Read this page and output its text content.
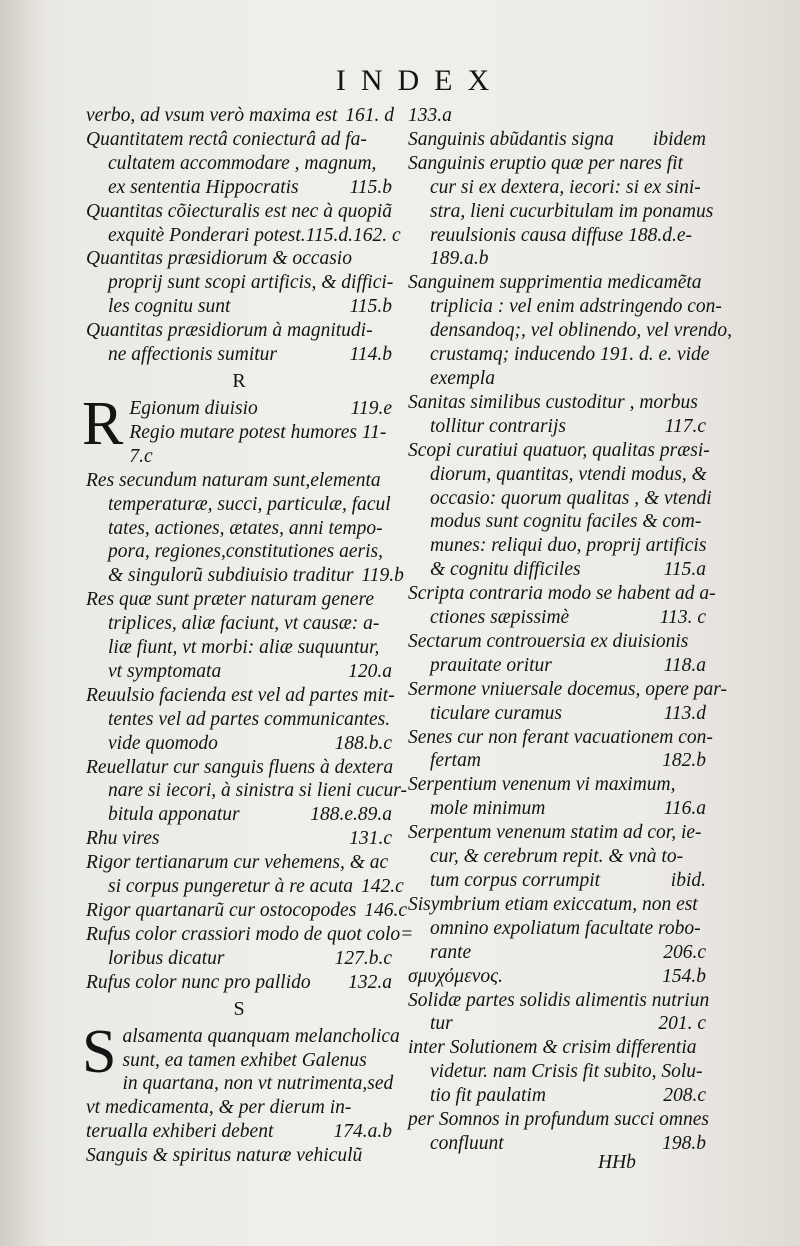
INDEX
verbo, ad vsum verò maxima est 161. d
Quantitatem rectâ coniecturâ ad fa-
cultatem accommodare , magnum,
ex sententia Hippocratis	115.b
Quantitas cõiecturalis est nec à quopiã
exquitè Ponderari potest.115.d.162. c
Quantitas præsidiorum & occasio
proprij sunt scopi artificis, & diffici-
les cognitu sunt	115.b
Quantitas præsidiorum à magnitudi-
ne affectionis sumitur	114.b
R
R Egionum diuisio	119.e
Regio mutare potest humores 11-
7.c
Res secundum naturam sunt,elementa
temperaturæ, succi, particulæ, facul
tates, actiones, ætates, anni tempo-
pora, regiones,constitutiones aeris,
& singulorũ subdiuisio traditur 119.b
Res quæ sunt præter naturam genere
triplices, aliæ faciunt, vt causæ: a-
liæ fiunt, vt morbi: aliæ suquuntur,
vt symptomata	120.a
Reuulsio facienda est vel ad partes mit-
tentes vel ad partes communicantes.
vide quomodo	188.b.c
Reuellatur cur sanguis fluens à dextera
nare si iecori, à sinistra si lieni cucur-
bitula apponatur	188.e.89.a
Rhu vires	131.c
Rigor tertianarum cur vehemens, & ac
si corpus pungeretur à re acuta 142.c
Rigor quartanarũ cur ostocopodes 146.c
Rufus color crassiori modo de quot colo=
loribus dicatur	127.b.c
Rufus color nunc pro pallido	132.a
S
S alsamenta quanquam melancholica
sunt, ea tamen exhibet Galenus
in quartana, non vt nutrimenta,sed
vt medicamenta, & per dierum in-
terualla exhiberi debent	174.a.b
Sanguis & spiritus naturæ vehiculũ
133.a
Sanguinis abũdantis signa	ibidem
Sanguinis eruptio quæ per nares fit
cur si ex dextera, iecori: si ex sini-
stra, lieni cucurbitulam im ponamus
reuulsionis causa diffuse 188.d.e-
189.a.b
Sanguinem supprimentia medicamẽta
triplicia : vel enim adstringendo con-
densandoq;, vel oblinendo, vel vrendo,
crustamq; inducendo 191. d. e. vide
exempla
Sanitas similibus custoditur , morbus
tollitur contrarijs	117.c
Scopi curatiui quatuor, qualitas præsi-
diorum, quantitas, vtendi modus, &
occasio: quorum qualitas , & vtendi
modus sunt cognitu faciles & com-
munes: reliqui duo, proprij artificis
& cognitu difficiles	115.a
Scripta contraria modo se habent ad a-
ctiones sæpissimè	113. c
Sectarum controuersia ex diuisionis
prauitate oritur	118.a
Sermone vniuersale docemus, opere par-
ticulare curamus	113.d
Senes cur non ferant vacuationem con-
fertam	182.b
Serpentium venenum vi maximum,
mole minimum	116.a
Serpentum venenum statim ad cor, ie-
cur, & cerebrum repit. & vnà to-
tum corpus corrumpit	ibid.
Sisymbrium etiam exiccatum, non est
omnino expoliatum facultate robo-
rante	206.c
σμυχόμενος.	154.b
Solidæ partes solidis alimentis nutriun
tur	201. c
inter Solutionem & crisim differentia
videtur. nam Crisis fit subito, Solu-
tio fit paulatim	208.c
per Somnos in profundum succi omnes
confluunt	198.b
HHb
